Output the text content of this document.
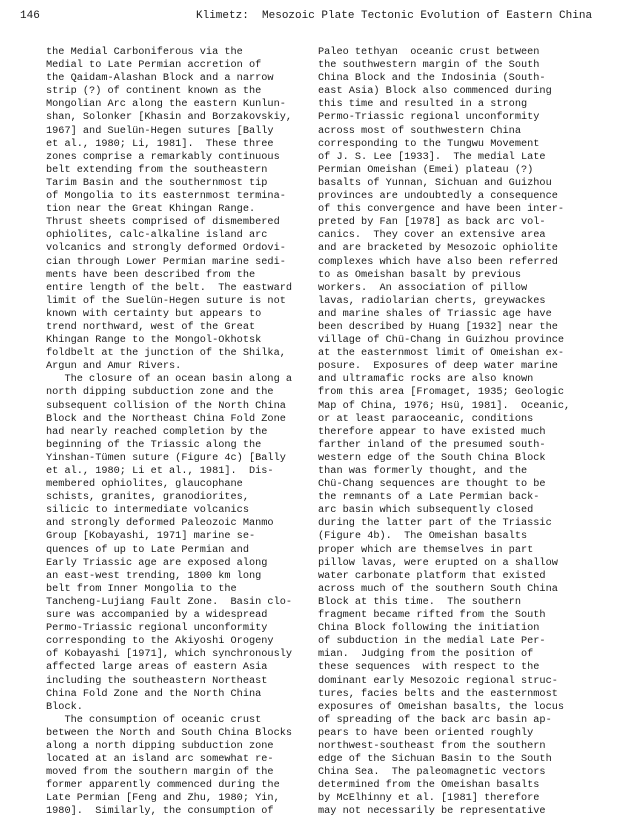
146

	Klimetz:  Mesozoic Plate Tectonic Evolution of Eastern China

the Medial Carboniferous via the
Medial to Late Permian accretion of
the Qaidam-Alashan Block and a narrow
strip (?) of continent known as the
Mongolian Arc along the eastern Kunlun-
shan, Solonker [Khasin and Borzakovskiy,
1967] and Suelün-Hegen sutures [Bally
et al., 1980; Li, 1981].  These three
zones comprise a remarkably continuous
belt extending from the southeastern
Tarim Basin and the southernmost tip
of Mongolia to its easternmost termina-
tion near the Great Khingan Range.
Thrust sheets comprised of dismembered
ophiolites, calc-alkaline island arc
volcanics and strongly deformed Ordovi-
cian through Lower Permian marine sedi-
ments have been described from the
entire length of the belt.  The eastward
limit of the Suelün-Hegen suture is not
known with certainty but appears to
trend northward, west of the Great
Khingan Range to the Mongol-Okhotsk
foldbelt at the junction of the Shilka,
Argun and Amur Rivers.
The closure of an ocean basin along a
north dipping subduction zone and the
subsequent collision of the North China
Block and the Northeast China Fold Zone
had nearly reached completion by the
beginning of the Triassic along the
Yinshan-Tümen suture (Figure 4c) [Bally
et al., 1980; Li et al., 1981].  Dis-
membered ophiolites, glaucophane
schists, granites, granodiorites,
silicic to intermediate volcanics
and strongly deformed Paleozoic Manmo
Group [Kobayashi, 1971] marine se-
quences of up to Late Permian and
Early Triassic age are exposed along
an east-west trending, 1800 km long
belt from Inner Mongolia to the
Tancheng-Lujiang Fault Zone.  Basin clo-
sure was accompanied by a widespread
Permo-Triassic regional unconformity
corresponding to the Akiyoshi Orogeny
of Kobayashi [1971], which synchronously
affected large areas of eastern Asia
including the southeastern Northeast
China Fold Zone and the North China
Block.
The consumption of oceanic crust
between the North and South China Blocks
along a north dipping subduction zone
located at an island arc somewhat re-
moved from the southern margin of the
former apparently commenced during the
Late Permian [Feng and Zhu, 1980; Yin,
1980].  Similarly, the consumption of
Paleo tethyan  oceanic crust between
the southwestern margin of the South
China Block and the Indosinia (South-
east Asia) Block also commenced during
this time and resulted in a strong
Permo-Triassic regional unconformity
across most of southwestern China
corresponding to the Tungwu Movement
of J. S. Lee [1933].  The medial Late
Permian Omeishan (Emei) plateau (?)
basalts of Yunnan, Sichuan and Guizhou
provinces are undoubtedly a consequence
of this convergence and have been inter-
preted by Fan [1978] as back arc vol-
canics.  They cover an extensive area
and are bracketed by Mesozoic ophiolite
complexes which have also been referred
to as Omeishan basalt by previous
workers.  An association of pillow
lavas, radiolarian cherts, greywackes
and marine shales of Triassic age have
been described by Huang [1932] near the
village of Chü-Chang in Guizhou province
at the easternmost limit of Omeishan ex-
posure.  Exposures of deep water marine
and ultramafic rocks are also known
from this area [Fromaget, 1935; Geologic
Map of China, 1976; Hsü, 1981].  Oceanic,
or at least paraoceanic, conditions
therefore appear to have existed much
farther inland of the presumed south-
western edge of the South China Block
than was formerly thought, and the
Chü-Chang sequences are thought to be
the remnants of a Late Permian back-
arc basin which subsequently closed
during the latter part of the Triassic
(Figure 4b).  The Omeishan basalts
proper which are themselves in part
pillow lavas, were erupted on a shallow
water carbonate platform that existed
across much of the southern South China
Block at this time.  The southern
fragment became rifted from the South
China Block following the initiation
of subduction in the medial Late Per-
mian.  Judging from the position of
these sequences  with respect to the
dominant early Mesozoic regional struc-
tures, facies belts and the easternmost
exposures of Omeishan basalts, the locus
of spreading of the back arc basin ap-
pears to have been oriented roughly
northwest-southeast from the southern
edge of the Sichuan Basin to the South
China Sea.  The paleomagnetic vectors
determined from the Omeishan basalts
by McElhinny et al. [1981] therefore
may not necessarily be representative
